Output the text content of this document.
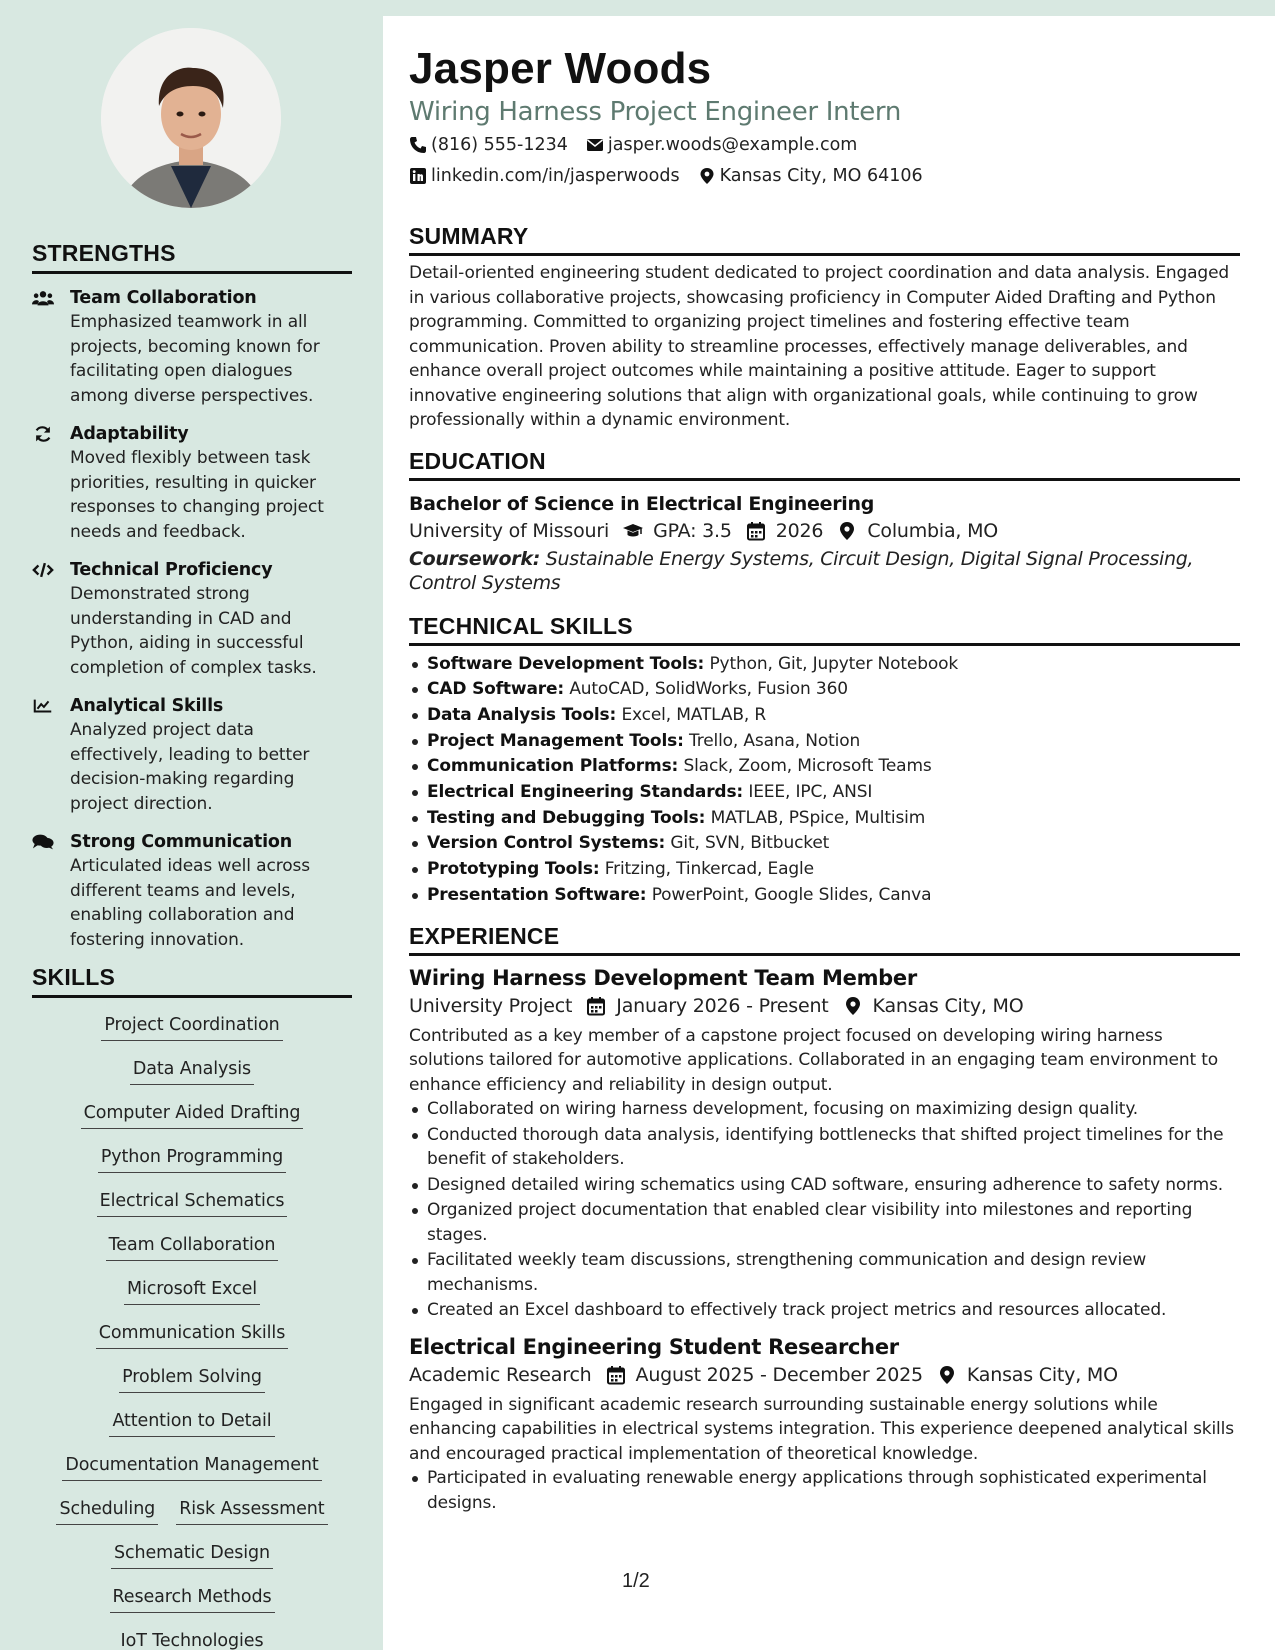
STRENGTHS
Team Collaboration
Emphasized teamwork in all projects, becoming known for facilitating open dialogues among diverse perspectives.
Adaptability
Moved flexibly between task priorities, resulting in quicker responses to changing project needs and feedback.
Technical Proficiency
Demonstrated strong understanding in CAD and Python, aiding in successful completion of complex tasks.
Analytical Skills
Analyzed project data effectively, leading to better decision-making regarding project direction.
Strong Communication
Articulated ideas well across different teams and levels, enabling collaboration and fostering innovation.
SKILLS
Project Coordination
Data Analysis
Computer Aided Drafting
Python Programming
Electrical Schematics
Team Collaboration
Microsoft Excel
Communication Skills
Problem Solving
Attention to Detail
Documentation Management
Scheduling Risk Assessment
Schematic Design
Research Methods
IoT Technologies
Jasper Woods
Wiring Harness Project Engineer Intern
(816) 555-1234 jasper.woods@example.com
linkedin.com/in/jasperwoods Kansas City, MO 64106
SUMMARY

Detail-oriented engineering student dedicated to project coordination and data analysis. Engaged in various collaborative projects, showcasing proficiency in Computer Aided Drafting and Python programming. Committed to organizing project timelines and fostering effective team communication. Proven ability to streamline processes, effectively manage deliverables, and enhance overall project outcomes while maintaining a positive attitude. Eager to support innovative engineering solutions that align with organizational goals, while continuing to grow professionally within a dynamic environment.

EDUCATION
Bachelor of Science in Electrical Engineering
University of Missouri GPA: 3.5 2026 Columbia, MO
Coursework: Sustainable Energy Systems, Circuit Design, Digital Signal Processing, Control Systems
TECHNICAL SKILLS
Software Development Tools: Python, Git, Jupyter Notebook
CAD Software: AutoCAD, SolidWorks, Fusion 360
Data Analysis Tools: Excel, MATLAB, R
Project Management Tools: Trello, Asana, Notion
Communication Platforms: Slack, Zoom, Microsoft Teams
Electrical Engineering Standards: IEEE, IPC, ANSI
Testing and Debugging Tools: MATLAB, PSpice, Multisim
Version Control Systems: Git, SVN, Bitbucket
Prototyping Tools: Fritzing, Tinkercad, Eagle
Presentation Software: PowerPoint, Google Slides, Canva
EXPERIENCE
Wiring Harness Development Team Member
University Project January 2026 - Present Kansas City, MO

Contributed as a key member of a capstone project focused on developing wiring harness solutions tailored for automotive applications. Collaborated in an engaging team environment to enhance efficiency and reliability in design output.

Collaborated on wiring harness development, focusing on maximizing design quality.
Conducted thorough data analysis, identifying bottlenecks that shifted project timelines for the benefit of stakeholders.
Designed detailed wiring schematics using CAD software, ensuring adherence to safety norms.
Organized project documentation that enabled clear visibility into milestones and reporting stages.
Facilitated weekly team discussions, strengthening communication and design review mechanisms.
Created an Excel dashboard to effectively track project metrics and resources allocated.
Electrical Engineering Student Researcher
Academic Research August 2025 - December 2025 Kansas City, MO

Engaged in significant academic research surrounding sustainable energy solutions while enhancing capabilities in electrical systems integration. This experience deepened analytical skills and encouraged practical implementation of theoretical knowledge.

Participated in evaluating renewable energy applications through sophisticated experimental designs.
1/2
